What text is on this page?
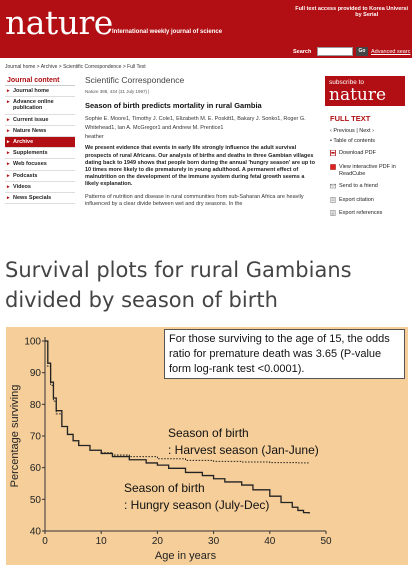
nature International weekly journal of science
Full text access provided to Korea Universi
by Serial
Search	Go	Advanced searc
Journal home > Archive > Scientific Correspondence > Full Text
Journal content
▸ Journal home
▸ Advance online publication
▸ Current issue
▸ Nature News
▸ Archive
▸ Supplements
▸ Web focuses
▸ Podcasts
▸ Videos
▸ News Specials
Scientific Correspondence
Nature 388, 434 (31 July 1997) |
Season of birth predicts mortality in rural Gambia
Sophie E. Moore1, Timothy J. Cole1, Elizabeth M. E. Poskitt1, Bakary J. Sonko1, Roger G. Whitehead1, Ian A. McGregor1 and Andrew M. Prentice1
heather
We present evidence that events in early life strongly influence the adult survival prospects of rural Africans. Our analysis of births and deaths in three Gambian villages dating back to 1949 shows that people born during the annual 'hungry season' are up to 10 times more likely to die prematurely in young adulthood. A permanent effect of malnutrition on the development of the immune system during fetal growth seems a likely explanation.
Patterns of nutrition and disease in rural communities from sub-Saharan Africa are heavily influenced by a clear divide between wet and dry seasons. In the
subscribe to
nature
FULL TEXT
‹ Previous | Next ›
• Table of contents
Download PDF
View interactive PDF in ReadCube
Send to a friend
Export citation
Export references
Survival plots for rural Gambians divided by season of birth
40
50
60
70
80
90
100
0	10	20	30	40	50
Age in years
Percentage surviving	Season of birth
: Harvest season (Jan-June)
Season of birth
: Hungry season (July-Dec)
For those surviving to the age of 15, the odds ratio for premature death was 3.65 (P-value form log-rank test <0.0001).
